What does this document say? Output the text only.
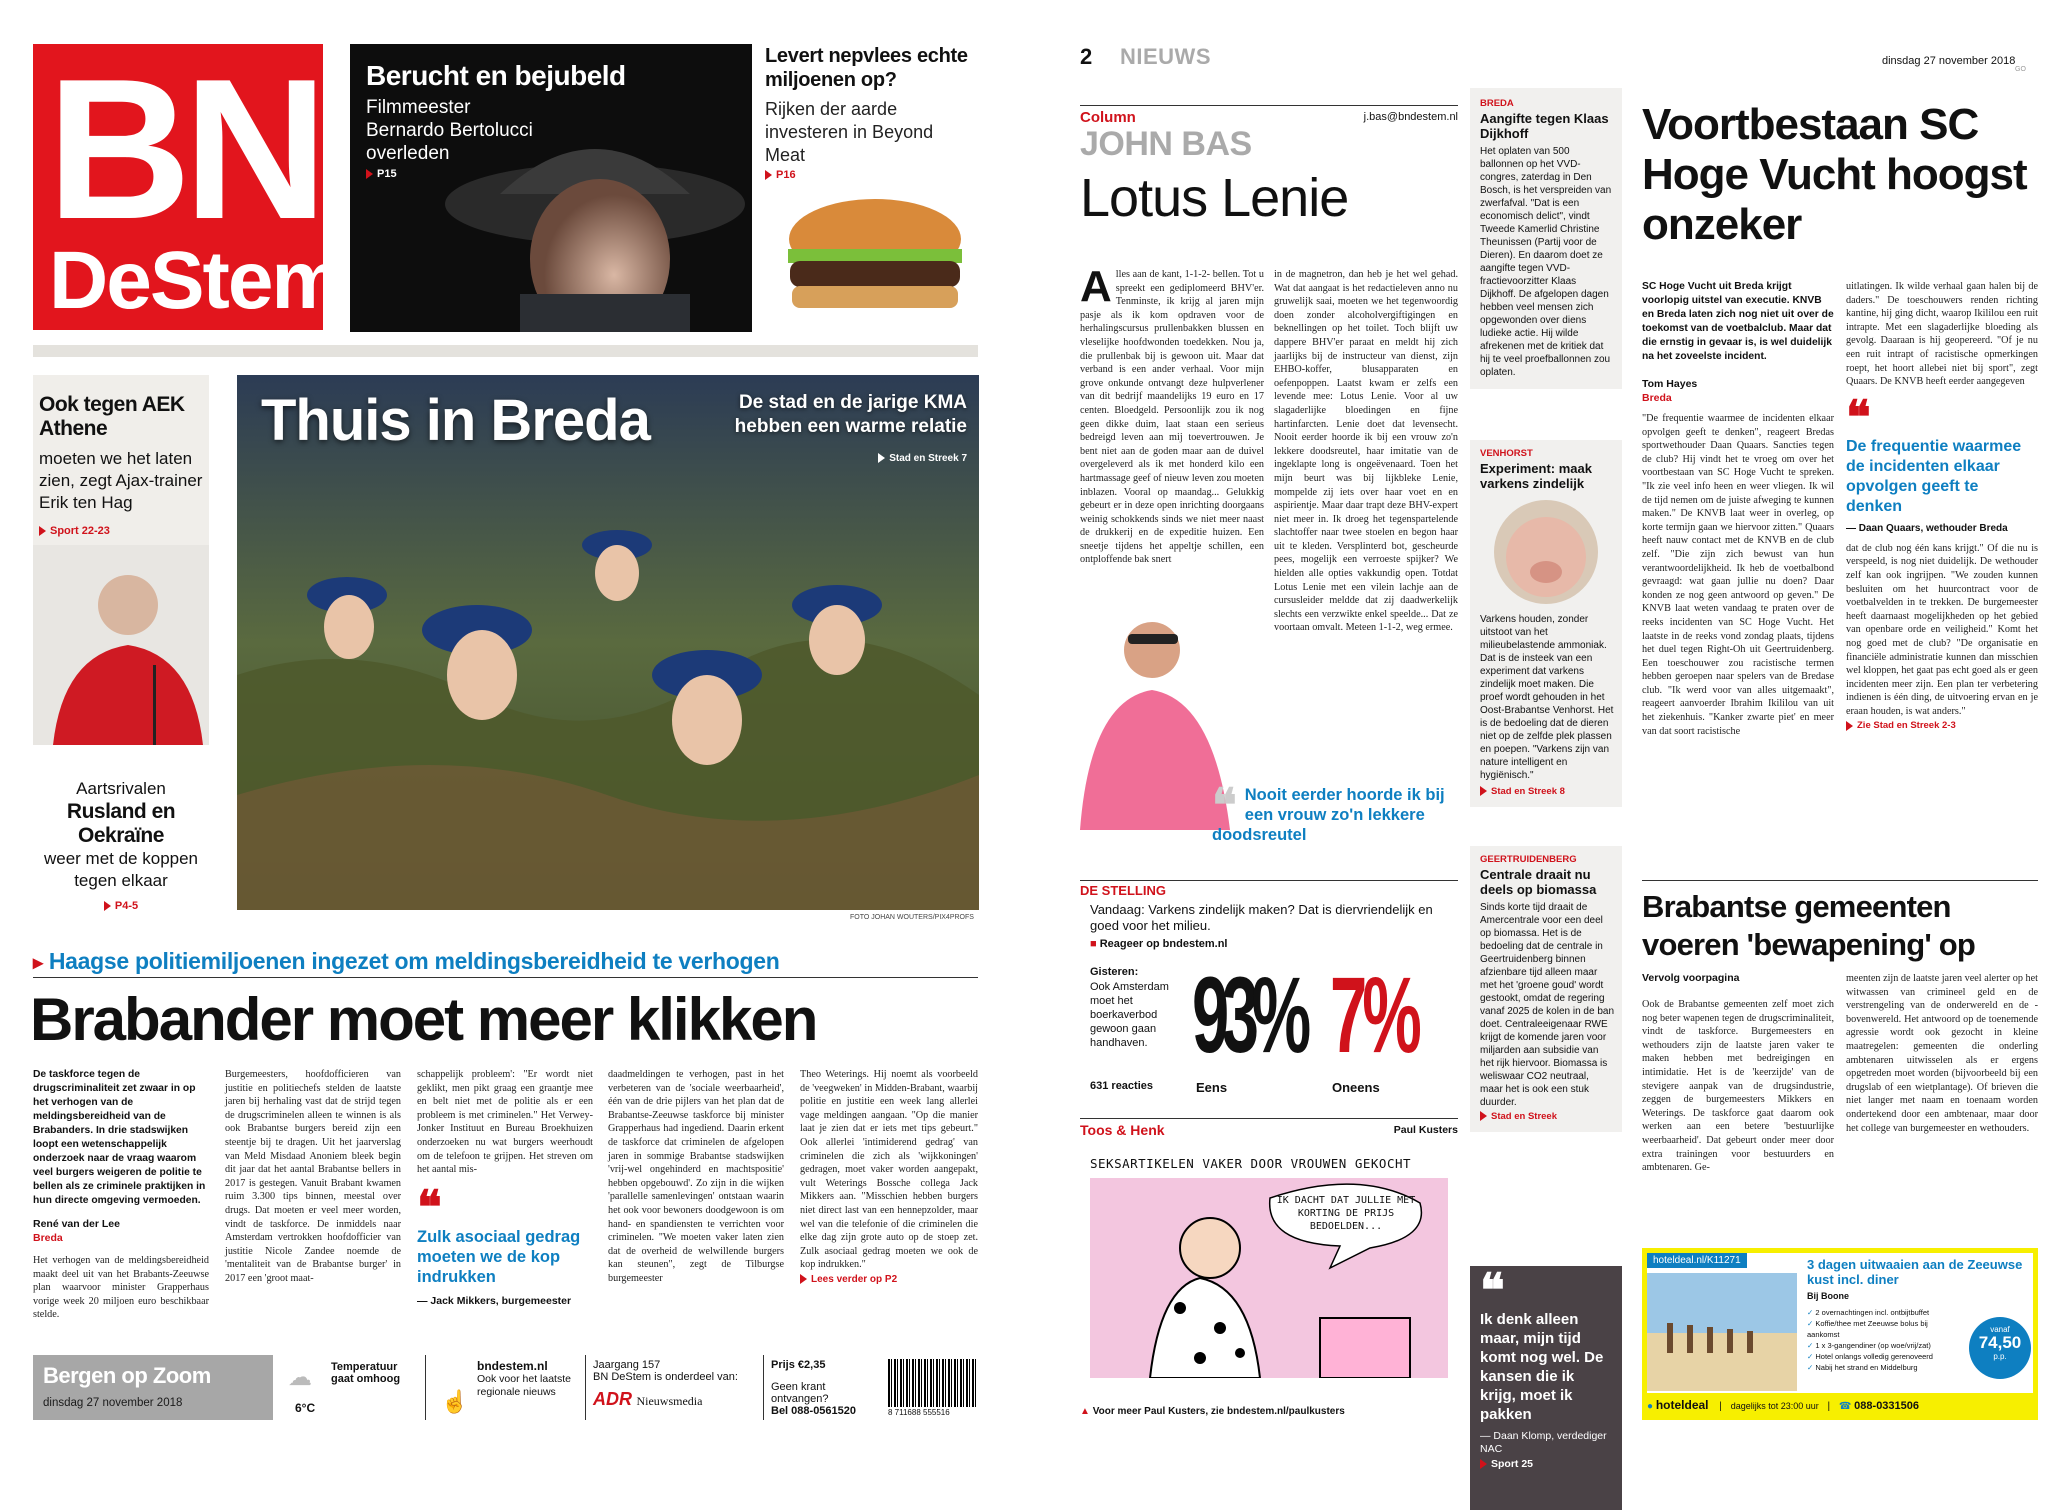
BN
DeStem
Berucht en bejubeld
Filmmeester Bernardo Bertolucci overleden
P15
Levert nepvlees echte miljoenen op?
Rijken der aarde investeren in Beyond Meat
P16
Ook tegen AEK Athene
moeten we het laten zien, zegt Ajax-trainer Erik ten Hag
Sport 22-23
Aartsrivalen
Rusland en Oekraïne
weer met de koppen tegen elkaar
P4-5
Thuis in Breda	De stad en de jarige KMA hebben een warme relatie
Stad en Streek 7
FOTO JOHAN WOUTERS/PIX4PROFS
▸ Haagse politiemiljoenen ingezet om meldingsbereidheid te verhogen
Brabander moet meer klikken
De taskforce tegen de drugscriminaliteit zet zwaar in op het verhogen van de meldingsbereidheid van de Brabanders. In drie stadswijken loopt een wetenschappelijk onderzoek naar de vraag waarom veel burgers weigeren de politie te bellen als ze criminele praktijken in hun directe omgeving vermoeden.
René van der Lee
Breda
Het verhogen van de meldingsbereidheid maakt deel uit van het Brabants-Zeeuwse plan waarvoor minister Grapperhaus vorige week 20 miljoen euro beschikbaar stelde.
Burgemeesters, hoofdofficieren van justitie en politiechefs stelden de laatste jaren bij herhaling vast dat de strijd tegen de drugscriminelen alleen te winnen is als ook Brabantse burgers bereid zijn een steentje bij te dragen. Uit het jaarverslag van Meld Misdaad Anoniem bleek begin dit jaar dat het aantal Brabantse bellers in 2017 is gestegen. Vanuit Brabant kwamen ruim 3.300 tips binnen, meestal over drugs. Dat moeten er veel meer worden, vindt de taskforce. De inmiddels naar Amsterdam vertrokken hoofdofficier van justitie Nicole Zandee noemde de 'mentaliteit van de Brabantse burger' in 2017 een 'groot maat-
schappelijk probleem': "Er wordt niet geklikt, men pikt graag een graantje mee en belt niet met de politie als er een probleem is met criminelen." Het Verwey-Jonker Instituut en Bureau Broekhuizen onderzoeken nu wat burgers weerhoudt om de telefoon te grijpen. Het streven om het aantal mis-
❝
Zulk asociaal gedrag moeten we de kop indrukken
— Jack Mikkers, burgemeester
daadmeldingen te verhogen, past in het verbeteren van de 'sociale weerbaarheid', één van de drie pijlers van het plan dat de Brabantse-Zeeuwse taskforce bij minister Grapperhaus had ingediend. Daarin erkent de taskforce dat criminelen de afgelopen jaren in sommige Brabantse stadswijken 'vrij-wel ongehinderd en machtspositie' hebben opgebouwd'. Zo zijn in die wijken 'parallelle samenlevingen' ontstaan waarin het ook voor bewoners doodgewoon is om hand- en spandiensten te verrichten voor criminelen. "We moeten vaker laten zien dat de overheid de welwillende burgers kan steunen", zegt de Tilburgse burgemeester
Theo Weterings. Hij noemt als voorbeeld de 'veegweken' in Midden-Brabant, waarbij politie en justitie een week lang allerlei vage meldingen aangaan. "Op die manier laat je zien dat er iets met tips gebeurt." Ook allerlei 'intimiderend gedrag' van criminelen die zich als 'wijkkoningen' gedragen, moet vaker worden aangepakt, vult Weterings Bossche collega Jack Mikkers aan. "Misschien hebben burgers niet direct last van een hennepzolder, maar wel van die telefonie of die criminelen die elke dag zijn grote auto op de stoep zet. Zulk asociaal gedrag moeten we ook de kop indrukken."
Lees verder op P2
Bergen op Zoom
dinsdag 27 november 2018
☁ Temperatuur gaat omhoog
6°C
bndestem.nl
Ook voor het laatste regionale nieuws
☝
Jaargang 157
BN DeStem is onderdeel van:
ADR Nieuwsmedia
Prijs €2,35
Geen krant ontvangen?
Bel 088-0561520	8 711688 555516
2 NIEUWS	dinsdag 27 november 2018
GO
Column	j.bas@bndestem.nl
JOHN BAS
Lotus Lenie
A lles aan de kant, 1-1-2- bellen. Tot u spreekt een gediplomeerd BHV'er. Tenminste, ik krijg al jaren mijn pasje als ik kom opdraven voor de herhalingscursus prullenbakken blussen en vleselijke hoofdwonden toedekken. Nou ja, die prullenbak bij is gewoon uit. Maar dat verband is een ander verhaal. Voor mijn grove onkunde ontvangt deze hulpverlener van dit bedrijf maandelijks 19 euro en 17 centen. Bloedgeld. Persoonlijk zou ik nog geen dikke duim, laat staan een serieus bedreigd leven aan mij toevertrouwen. Je bent niet aan de goden maar aan de duivel overgeleverd als ik met honderd kilo een hartmassage geef of nieuw leven zou moeten inblazen. Vooral op maandag... Gelukkig gebeurt er in deze open inrichting doorgaans weinig schokkends sinds we niet meer naast de drukkerij en de expeditie huizen. Een sneetje tijdens het appeltje schillen, een ontploffende bak snert
in de magnetron, dan heb je het wel gehad. Wat dat aangaat is het redactieleven anno nu gruwelijk saai, moeten we het tegenwoordig doen zonder alcoholvergiftigingen en beknellingen op het toilet. Toch blijft uw dappere BHV'er paraat en meldt hij zich jaarlijks bij de instructeur van dienst, zijn EHBO-koffer, blusapparaten en oefenpoppen. Laatst kwam er zelfs een levende mee: Lotus Lenie. Voor al uw slagaderlijke bloedingen en fijne hartinfarcten. Lenie doet dat levensecht. Nooit eerder hoorde ik bij een vrouw zo'n lekkere doodsreutel, haar imitatie van de ingeklapte long is ongeëvenaard. Toen het mijn beurt was bij lijkbleke Lenie, mompelde zij iets over haar voet en en aspirientje. Maar daar trapt deze BHV-expert niet meer in. Ik droeg het tegenspartelende slachtoffer naar twee stoelen en begon haar uit te kleden. Versplinterd bot, gescheurde pees, mogelijk een verroeste spijker? We hielden alle opties vakkundig open. Totdat Lotus Lenie met een vilein lachje aan de cursusleider meldde dat zij daadwerkelijk slechts een verzwikte enkel speelde... Dat ze voortaan omvalt. Meteen 1-1-2, weg ermee.
❝ Nooit eerder hoorde ik bij een vrouw zo'n lekkere doodsreutel
DE STELLING
Vandaag: Varkens zindelijk maken? Dat is diervriendelijk en goed voor het milieu.
■ Reageer op bndestem.nl
Gisteren:
Ook Amsterdam moet het boerkaverbod gewoon gaan handhaven.
631 reacties
93%
Eens
7%
Oneens
Toos & Henk	Paul Kusters
SEKSARTIKELEN VAKER DOOR VROUWEN GEKOCHT
IK DACHT DAT JULLIE MET KORTING DE PRIJS BEDOELDEN...
▲ Voor meer Paul Kusters, zie bndestem.nl/paulkusters
BREDA
Aangifte tegen Klaas Dijkhoff
Het oplaten van 500 ballonnen op het VVD-congres, zaterdag in Den Bosch, is het verspreiden van zwerfafval. "Dat is een economisch delict", vindt Tweede Kamerlid Christine Theunissen (Partij voor de Dieren). En daarom doet ze aangifte tegen VVD-fractievoorzitter Klaas Dijkhoff. De afgelopen dagen hebben veel mensen zich opgewonden over diens ludieke actie. Hij wilde afrekenen met de kritiek dat hij te veel proefballonnen zou oplaten.
VENHORST
Experiment: maak varkens zindelijk
Varkens houden, zonder uitstoot van het milieubelastende ammoniak. Dat is de insteek van een experiment dat varkens zindelijk moet maken. Die proef wordt gehouden in het Oost-Brabantse Venhorst. Het is de bedoeling dat de dieren niet op de zelfde plek plassen en poepen. "Varkens zijn van nature intelligent en hygiënisch."
Stad en Streek 8
GEERTRUIDENBERG
Centrale draait nu deels op biomassa
Sinds korte tijd draait de Amercentrale voor een deel op biomassa. Het is de bedoeling dat de centrale in Geertruidenberg binnen afzienbare tijd alleen maar met het 'groene goud' wordt gestookt, omdat de regering vanaf 2025 de kolen in de ban doet. Centraleeigenaar RWE krijgt de komende jaren voor miljarden aan subsidie van het rijk hiervoor. Biomassa is weliswaar CO2 neutraal, maar het is ook een stuk duurder.
Stad en Streek
❝
Ik denk alleen maar, mijn tijd komt nog wel. De kansen die ik krijg, moet ik pakken
— Daan Klomp, verdediger NAC
Sport 25
Voortbestaan SC Hoge Vucht hoogst onzeker
SC Hoge Vucht uit Breda krijgt voorlopig uitstel van executie. KNVB en Breda laten zich nog niet uit over de toekomst van de voetbalclub. Maar dat die ernstig in gevaar is, is wel duidelijk na het zoveelste incident.
Tom Hayes
Breda
"De frequentie waarmee de incidenten elkaar opvolgen geeft te denken", reageert Bredas sportwethouder Daan Quaars. Sancties tegen de club? Hij vindt het te vroeg om over het voortbestaan van SC Hoge Vucht te spreken. "Ik zie veel info heen en weer vliegen. Ik wil de tijd nemen om de juiste afweging te kunnen maken." De KNVB laat weer in overleg, op korte termijn gaan we hiervoor zitten." Quaars heeft nauw contact met de KNVB en de club zelf. "Die zijn zich bewust van hun verantwoordelijkheid. Ik heb de voetbalbond gevraagd: wat gaan jullie nu doen? Daar konden ze nog geen antwoord op geven." De KNVB laat weten vandaag te praten over de reeks incidenten van SC Hoge Vucht. Het laatste in de reeks vond zondag plaats, tijdens het duel tegen Right-Oh uit Geertruidenberg. Een toeschouwer zou racistische termen hebben geroepen naar spelers van de Bredase club. "Ik werd voor van alles uitgemaakt", reageert aanvoerder Ibrahim Ikililou van uit het ziekenhuis. "Kanker zwarte piet' en meer van dat soort racistische
uitlatingen. Ik wilde verhaal gaan halen bij de daders." De toeschouwers renden richting kantine, hij ging dicht, waarop Ikililou een ruit intrapte. Met een slagaderlijke bloeding als gevolg. Daaraan is hij geopereerd. "Of je nu een ruit intrapt of racistische opmerkingen roept, het hoort allebei niet bij sport", zegt Quaars. De KNVB heeft eerder aangegeven
❝
De frequentie waarmee de incidenten elkaar opvolgen geeft te denken
— Daan Quaars, wethouder Breda
dat de club nog één kans krijgt." Of die nu is verspeeld, is nog niet duidelijk. De wethouder zelf kan ook ingrijpen. "We zouden kunnen besluiten om het huurcontract voor de voetbalvelden in te trekken. De burgemeester heeft daarnaast mogelijkheden op het gebied van openbare orde en veiligheid." Komt het nog goed met de club? "De organisatie en financiële administratie kunnen dan misschien wel kloppen, het gaat pas echt goed als er geen incidenten meer zijn. Een plan ter verbetering indienen is één ding, de uitvoering ervan en je eraan houden, is wat anders."
Zie Stad en Streek 2-3
Brabantse gemeenten voeren 'bewapening' op
Vervolg voorpagina
Ook de Brabantse gemeenten zelf moet zich nog beter wapenen tegen de drugscriminaliteit, vindt de taskforce. Burgemeesters en wethouders zijn de laatste jaren vaker te maken hebben met bedreigingen en intimidatie. Het is de 'keerzijde' van de stevigere aanpak van de drugsindustrie, zeggen de burgemeesters Mikkers en Weterings. De taskforce gaat daarom ook werken aan een betere 'bestuurlijke weerbaarheid'. Dat gebeurt onder meer door extra trainingen voor bestuurders en ambtenaren. Ge-
meenten zijn de laatste jaren veel alerter op het witwassen van crimineel geld en de verstrengeling van de onderwereld en de -bovenwereld. Het antwoord op de toenemende agressie wordt ook gezocht in kleine maatregelen: gemeenten die onderling ambtenaren uitwisselen als er ergens opgetreden moet worden (bijvoorbeeld bij een drugslab of een wietplantage). Of brieven die niet langer met naam en toenaam worden ondertekend door een ambtenaar, maar door het college van burgemeester en wethouders.
hoteldeal.nl/K11271	3 dagen uitwaaien aan de Zeeuwse kust incl. diner
Bij Boone
✓ 2 overnachtingen incl. ontbijtbuffet
✓ Koffie/thee met Zeeuwse bolus bij aankomst
✓ 1 x 3-gangendiner (op woe/vrij/zat)
✓ Hotel onlangs volledig gerenoveerd
✓ Nabij het strand en Middelburg
vanaf
74,50
p.p.
● hoteldeal | dagelijks tot 23:00 uur | ☎ 088-0331506
